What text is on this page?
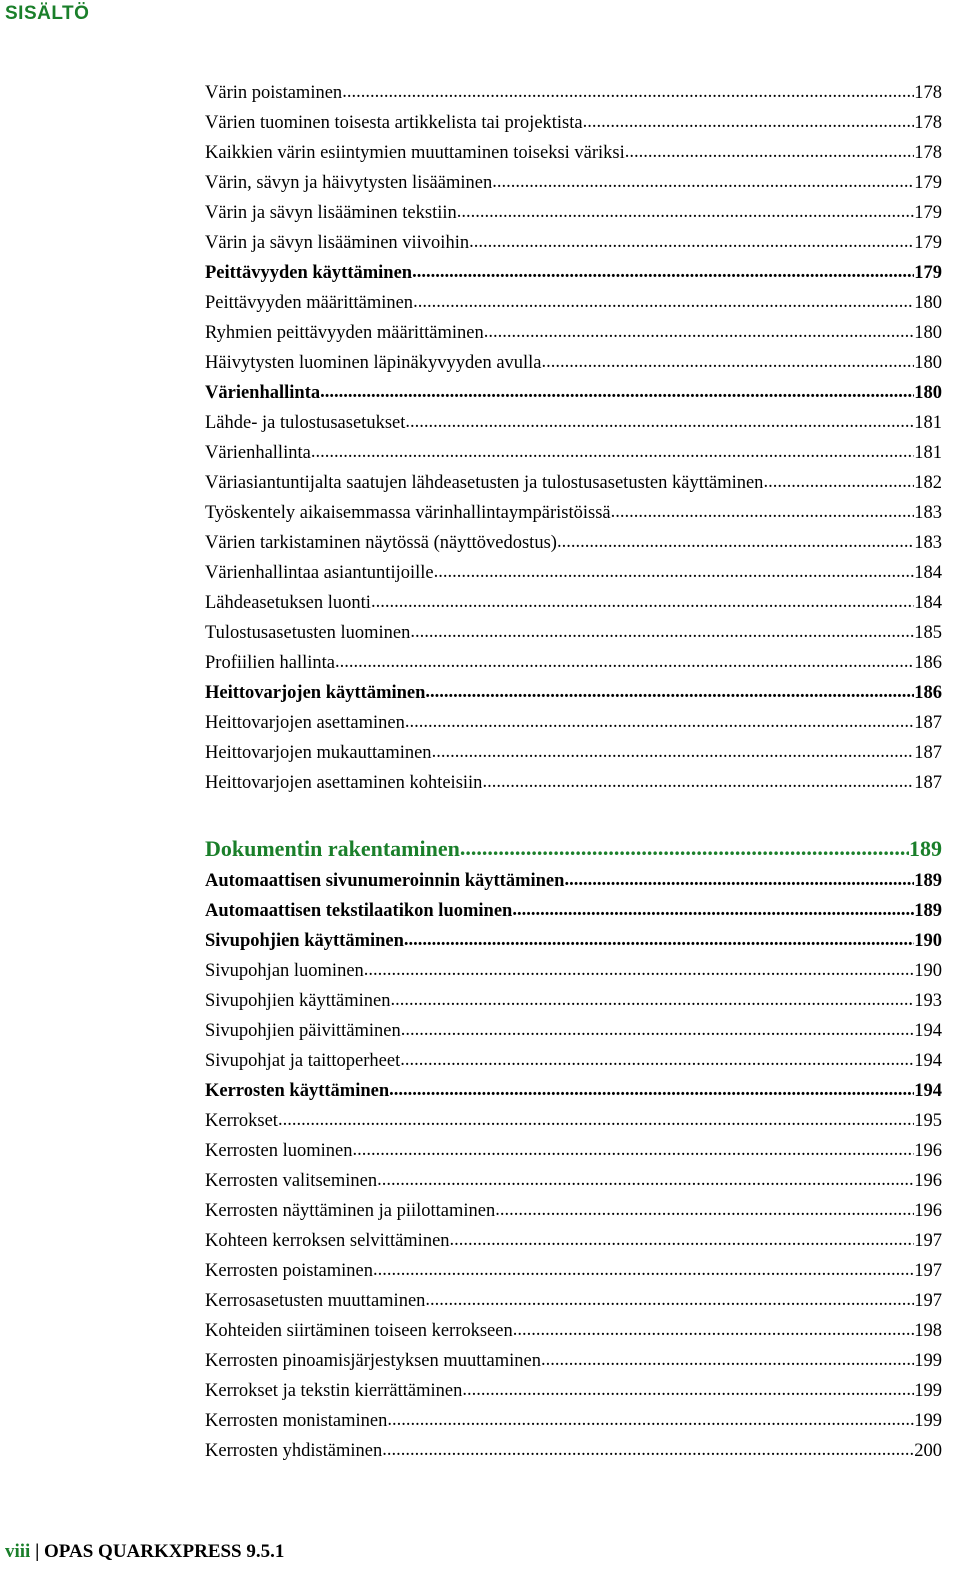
SISÄLTÖ
Värin poistaminen .....	178
Värien tuominen toisesta artikkelista tai projektista .....	178
Kaikkien värin esiintymien muuttaminen toiseksi väriksi .....	178
Värin, sävyn ja häivytysten lisääminen .....	179
Värin ja sävyn lisääminen tekstiin .....	179
Värin ja sävyn lisääminen viivoihin .....	179
Peittävyyden käyttäminen .....	179
Peittävyyden määrittäminen .....	180
Ryhmien peittävyyden määrittäminen .....	180
Häivytysten luominen läpinäkyvyyden avulla .....	180
Värienhallinta .....	180
Lähde- ja tulostusasetukset .....	181
Värienhallinta .....	181
Väriasiantuntijalta saatujen lähdeasetusten ja tulostusasetusten käyttäminen .....	182
Työskentely aikaisemmassa värinhallintaympäristöissä .....	183
Värien tarkistaminen näytössä (näyttövedostus) .....	183
Värienhallintaa asiantuntijoille .....	184
Lähdeasetuksen luonti .....	184
Tulostusasetusten luominen .....	185
Profiilien hallinta .....	186
Heittovarjojen käyttäminen .....	186
Heittovarjojen asettaminen .....	187
Heittovarjojen mukauttaminen .....	187
Heittovarjojen asettaminen kohteisiin .....	187
Dokumentin rakentaminen .....	189
Automaattisen sivunumeroinnin käyttäminen .....	189
Automaattisen tekstilaatikon luominen .....	189
Sivupohjien käyttäminen .....	190
Sivupohjan luominen .....	190
Sivupohjien käyttäminen .....	193
Sivupohjien päivittäminen .....	194
Sivupohjat ja taittoperheet .....	194
Kerrosten käyttäminen .....	194
Kerrokset .....	195
Kerrosten luominen .....	196
Kerrosten valitseminen .....	196
Kerrosten näyttäminen ja piilottaminen .....	196
Kohteen kerroksen selvittäminen .....	197
Kerrosten poistaminen .....	197
Kerrosasetusten muuttaminen .....	197
Kohteiden siirtäminen toiseen kerrokseen .....	198
Kerrosten pinoamisjärjestyksen muuttaminen .....	199
Kerrokset ja tekstin kierrättäminen .....	199
Kerrosten monistaminen .....	199
Kerrosten yhdistäminen .....	200
viii | OPAS QUARKXPRESS 9.5.1
